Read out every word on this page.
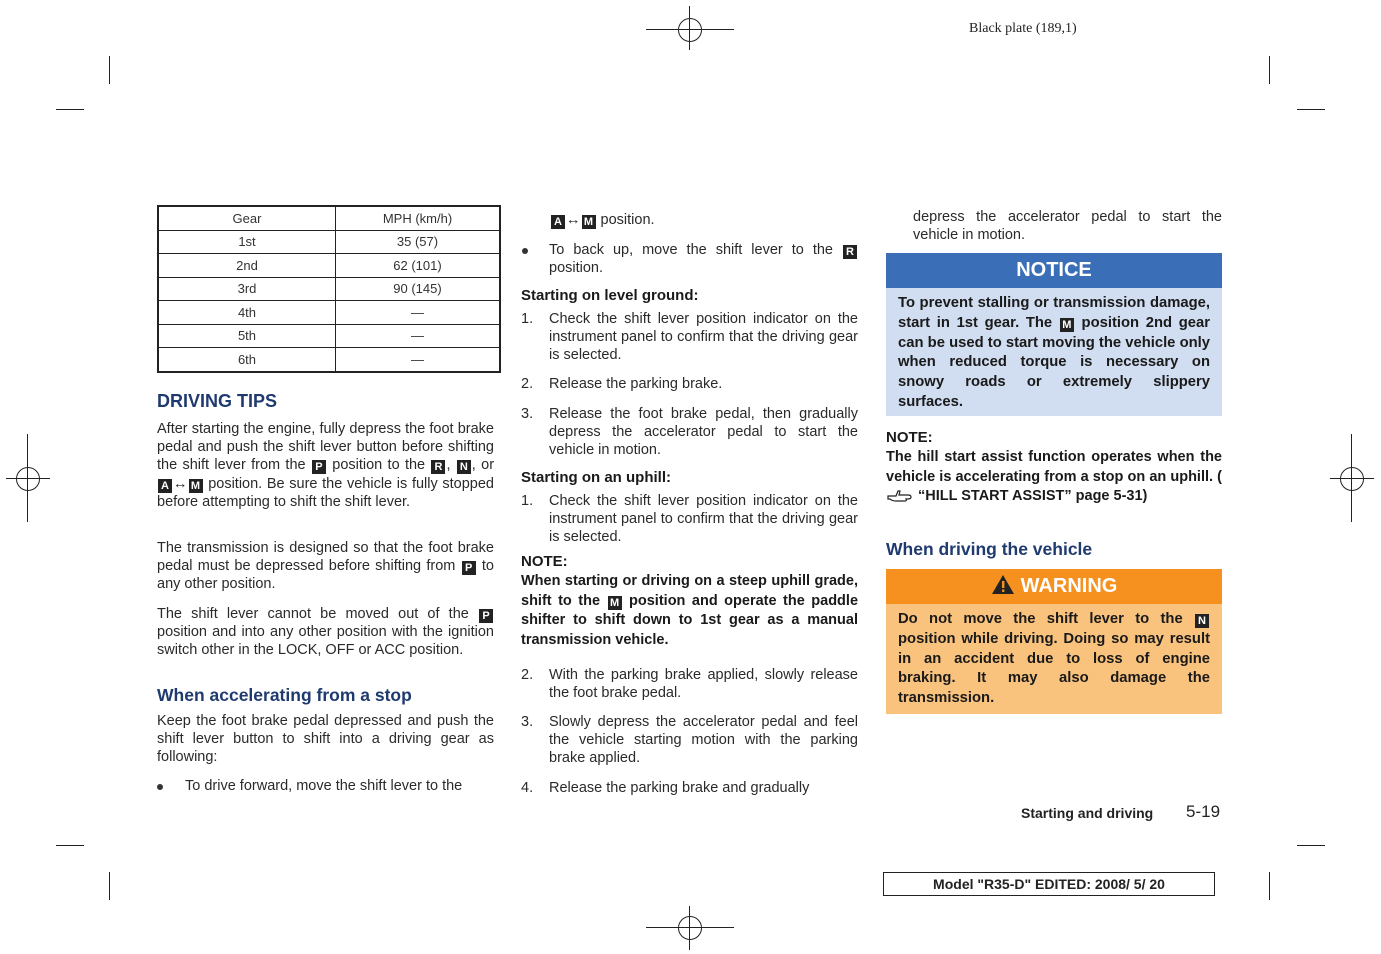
Black plate (189,1)
Gear	MPH (km/h)
1st	35 (57)
2nd	62 (101)
3rd	90 (145)
4th	—
5th	—
6th	—
DRIVING TIPS

After starting the engine, fully depress the foot brake pedal and push the shift lever button before shifting the shift lever from the P position to the R , N , or A ↔ M position. Be sure the vehicle is fully stopped before attempting to shift the shift lever.

The transmission is designed so that the foot brake pedal must be depressed before shifting from P to any other position.

The shift lever cannot be moved out of the P position and into any other position with the ignition switch other in the LOCK, OFF or ACC position.

When accelerating from a stop

Keep the foot brake pedal depressed and push the shift lever button to shift into a driving gear as following:

To drive forward, move the shift lever to the

A ↔ M position.

To back up, move the shift lever to the R position.

Starting on level ground:
1. Check the shift lever position indicator on the instrument panel to confirm that the driving gear is selected.
2. Release the parking brake.
3. Release the foot brake pedal, then gradually depress the accelerator pedal to start the vehicle in motion.
Starting on an uphill:
1. Check the shift lever position indicator on the instrument panel to confirm that the driving gear is selected.
NOTE:

When starting or driving on a steep uphill grade, shift to the M position and operate the paddle shifter to shift down to 1st gear as a manual transmission vehicle.

2. With the parking brake applied, slowly release the foot brake pedal.
3. Slowly depress the accelerator pedal and feel the vehicle starting motion with the parking brake applied.
4. Release the parking brake and gradually

depress the accelerator pedal to start the vehicle in motion.

NOTICE
To prevent stalling or transmission damage, start in 1st gear. The M position 2nd gear can be used to start moving the vehicle only when reduced torque is necessary on snowy roads or extremely slippery surfaces.
NOTE:

The hill start assist function operates when the vehicle is accelerating from a stop on an uphill. (  “HILL START ASSIST” page 5-31)

When driving the vehicle
WARNING
Do not move the shift lever to the N position while driving. Doing so may result in an accident due to loss of engine braking. It may also damage the transmission.
Starting and driving 5-19
Model "R35-D" EDITED: 2008/ 5/ 20
